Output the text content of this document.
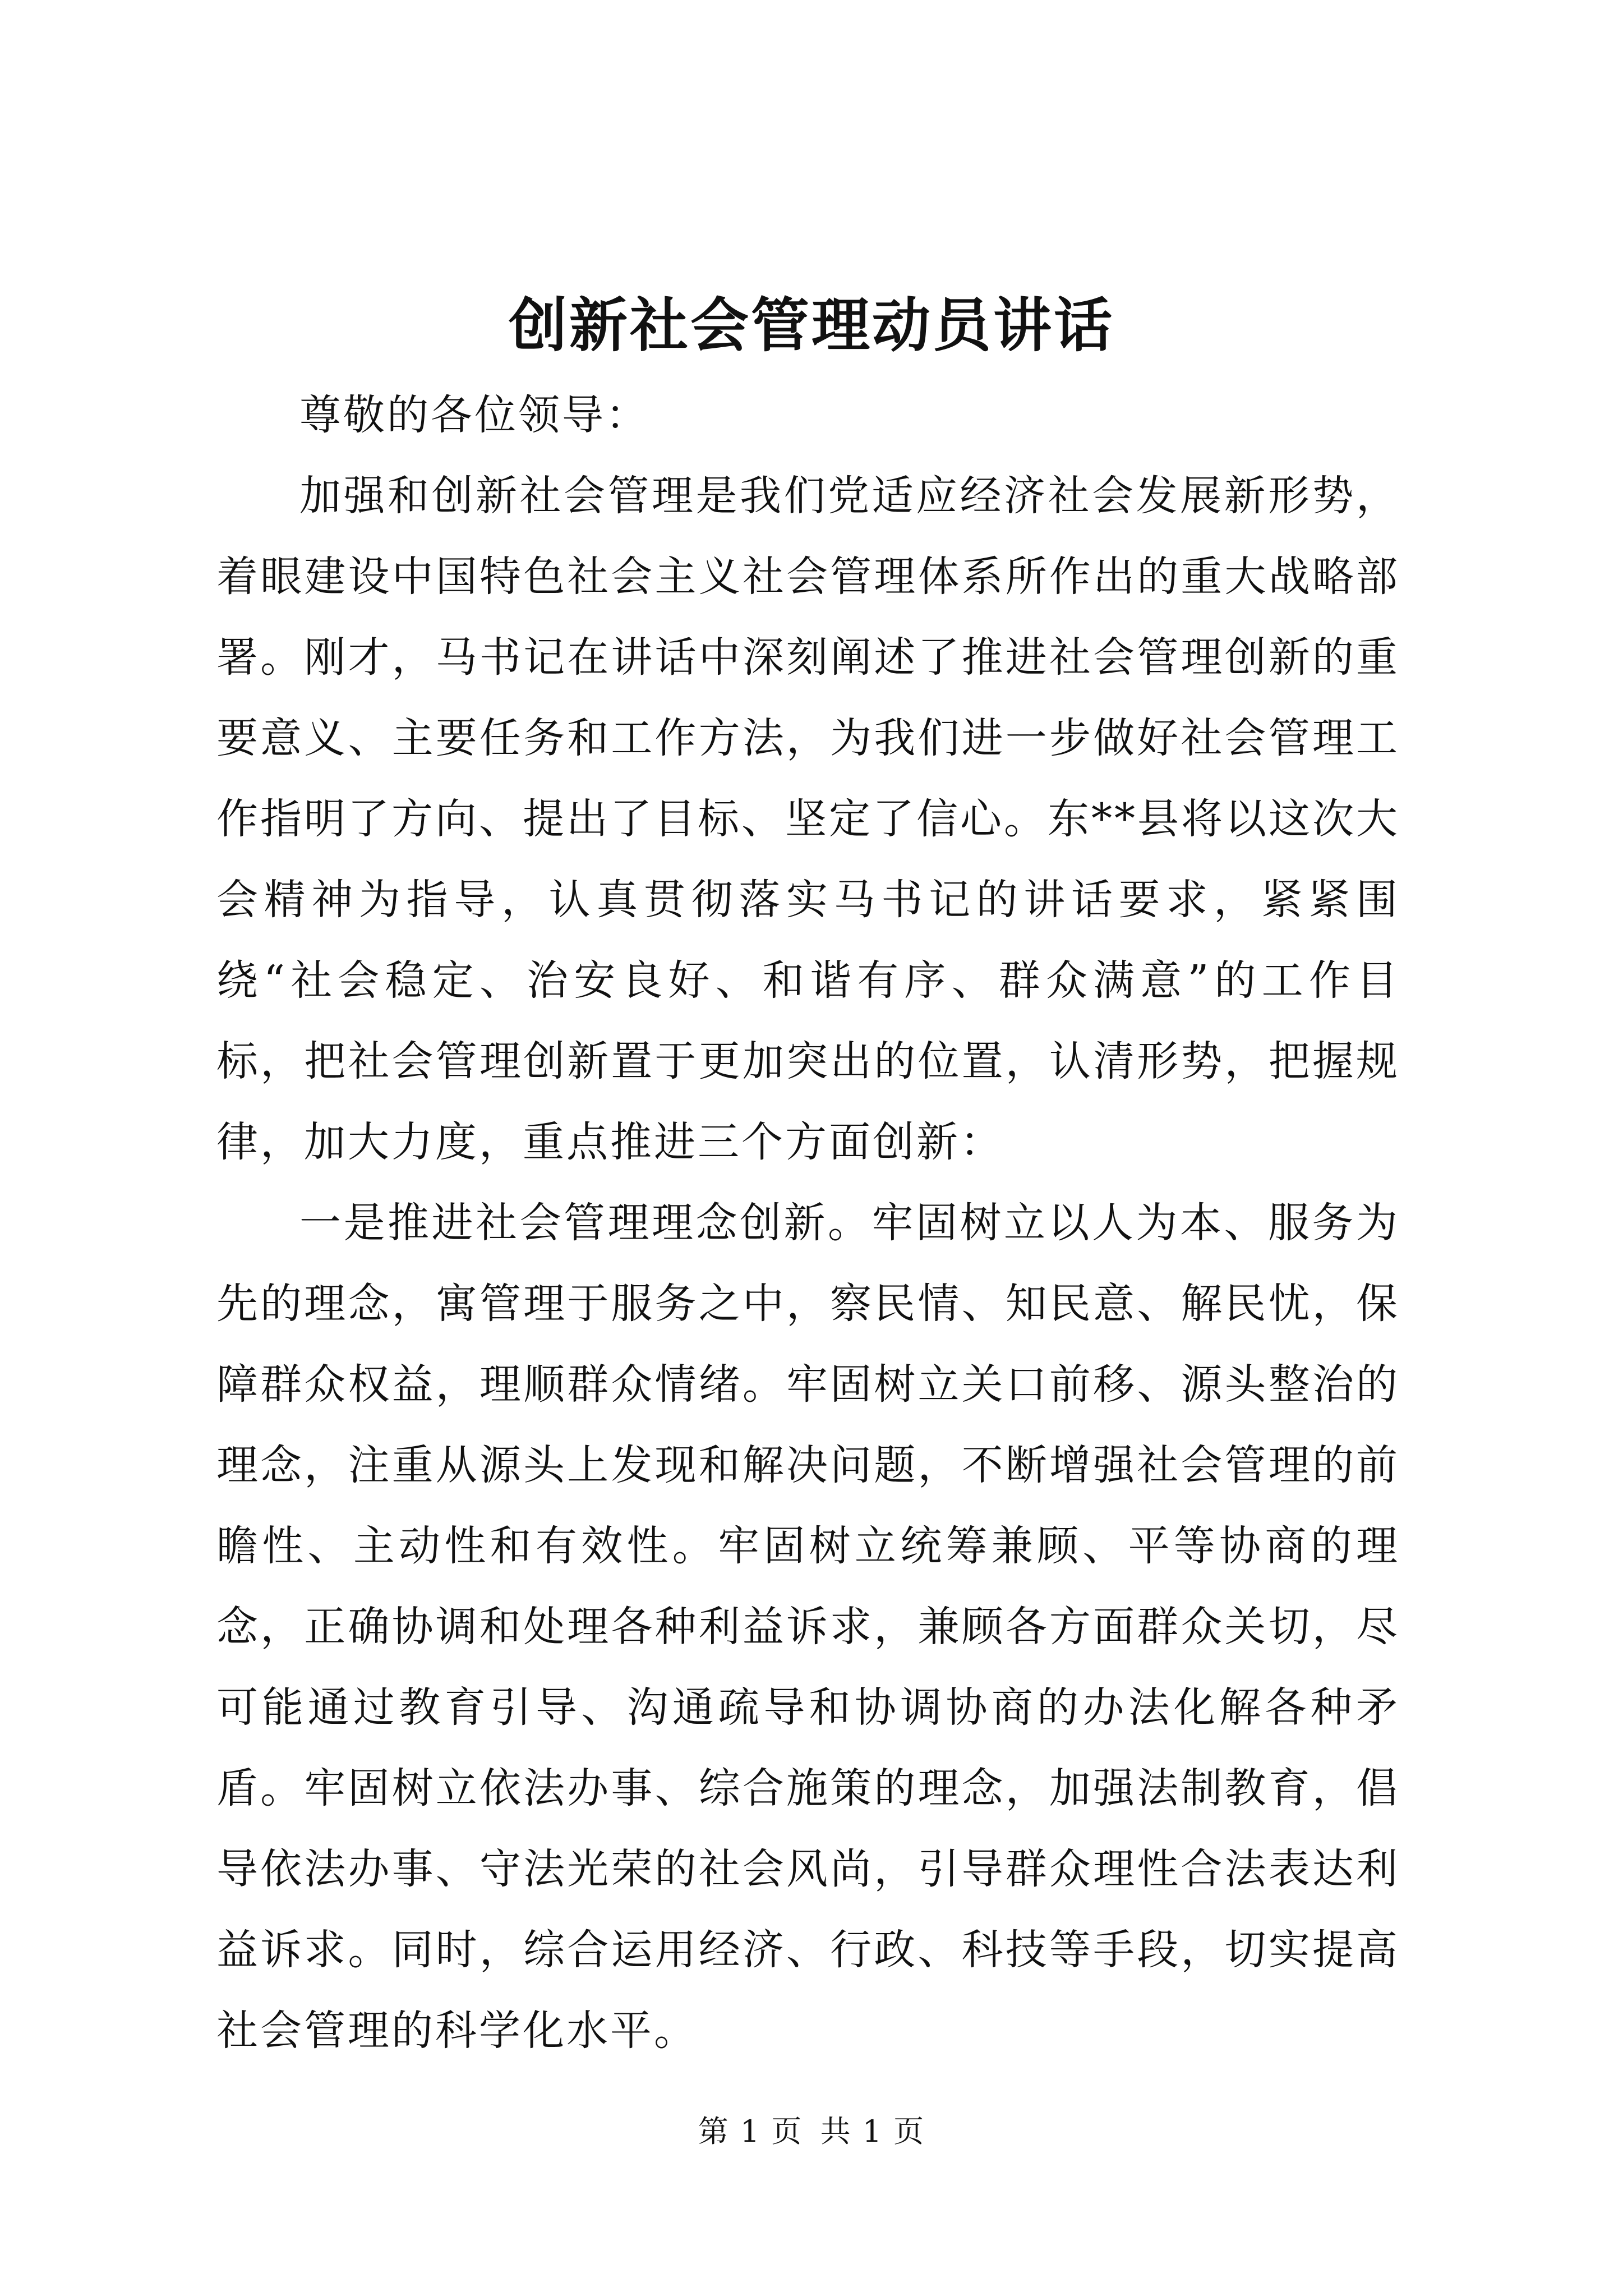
创新社会管理动员讲话

尊敬的各位领导：

加强和创新社会管理是我们党适应经济社会发展新形势，着眼建设中国特色社会主义社会管理体系所作出的重大战略部署。刚才，马书记在讲话中深刻阐述了推进社会管理创新的重要意义、主要任务和工作方法，为我们进一步做好社会管理工作指明了方向、提出了目标、坚定了信心。东**县将以这次大会精神为指导，认真贯彻落实马书记的讲话要求，紧紧围绕“社会稳定、治安良好、和谐有序、群众满意”的工作目标，把社会管理创新置于更加突出的位置，认清形势，把握规律，加大力度，重点推进三个方面创新：

一是推进社会管理理念创新。牢固树立以人为本、服务为先的理念，寓管理于服务之中，察民情、知民意、解民忧，保障群众权益，理顺群众情绪。牢固树立关口前移、源头整治的理念，注重从源头上发现和解决问题，不断增强社会管理的前瞻性、主动性和有效性。牢固树立统筹兼顾、平等协商的理念，正确协调和处理各种利益诉求，兼顾各方面群众关切，尽可能通过教育引导、沟通疏导和协调协商的办法化解各种矛盾。牢固树立依法办事、综合施策的理念，加强法制教育，倡导依法办事、守法光荣的社会风尚，引导群众理性合法表达利益诉求。同时，综合运用经济、行政、科技等手段，切实提高社会管理的科学化水平。

第 1 页 共 1 页
